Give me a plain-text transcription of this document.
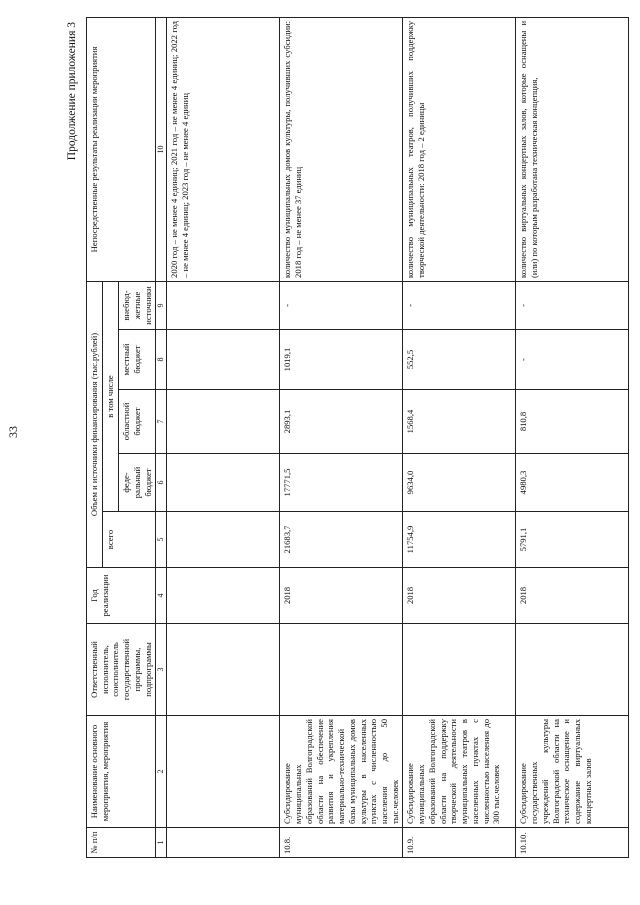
33
Продолжение приложения 3
№ п/п	Наименование основного мероприятия, мероприятия	Ответственный исполнитель, соисполнитель государственной программы, подпрограммы	Год реализации	Объем и источники финансирования (тыс.рублей)					Непосредственные результаты реализации мероприятия
				всего	в том числе				
					феде-ральный бюджет	областной бюджет	местный бюджет	внебюд-жетные источники	
1	2	3	4	5	6	7	8	9	10
									2020 год – не менее 4 единиц; 2021 год – не менее 4 единиц; 2022 год – не менее 4 единиц; 2023 год – не менее 4 единиц
10.8.	Субсидирование муниципальных образований Волгоградской области на обеспечение развития и укрепления материально-технической базы муниципальных домов культуры в населенных пунктах с численностью населения до 50 тыс.человек		2018	21683,7	17771,5	2893,1	1019,1	-	количество муниципальных домов культуры, получивших субсидии: 2018 год – не менее 37 единиц
10.9.	Субсидирование муниципальных образований Волгоградской области на поддержку творческой деятельности муниципальных театров в населенных пунктах с численностью населения до 300 тыс.человек		2018	11754,9	9634,0	1568,4	552,5	-	количество муниципальных театров, получивших поддержку творческой деятельности: 2018 год – 2 единицы
10.10.	Субсидирование государственных учреждений культуры Волгоградской области на техническое оснащение и содержание виртуальных концертных залов		2018	5791,1	4980,3	810,8	-	-	количество виртуальных концертных залов, которые оснащены и (или) по которым разработана техническая концепция,
